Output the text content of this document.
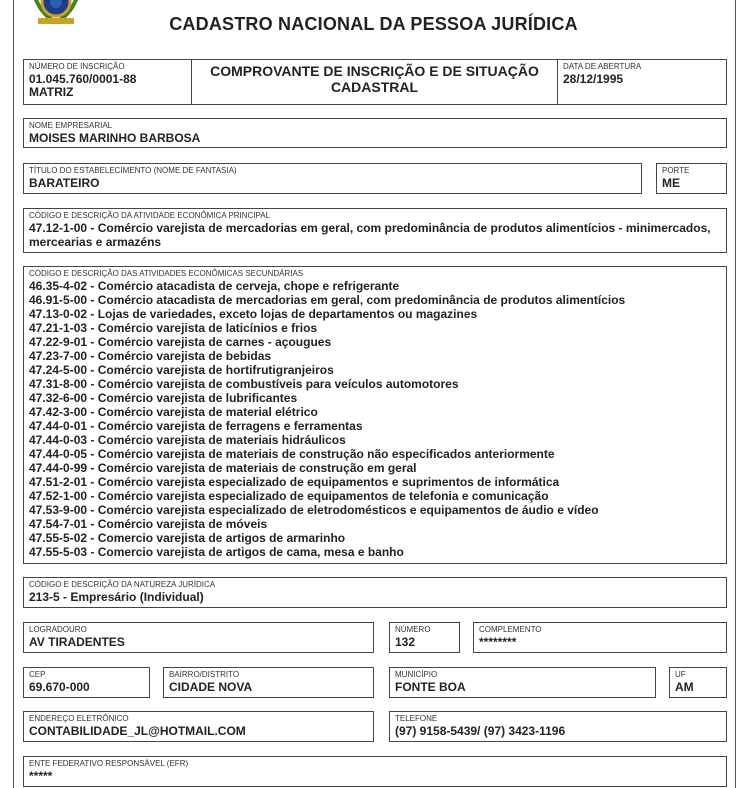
CADASTRO NACIONAL DA PESSOA JURÍDICA
NÚMERO DE INSCRIÇÃO
01.045.760/0001-88
MATRIZ
COMPROVANTE DE INSCRIÇÃO E DE SITUAÇÃO
CADASTRAL
DATA DE ABERTURA
28/12/1995
NOME EMPRESARIAL
MOISES MARINHO BARBOSA
TÍTULO DO ESTABELECIMENTO (NOME DE FANTASIA)
BARATEIRO
PORTE
ME
CÓDIGO E DESCRIÇÃO DA ATIVIDADE ECONÔMICA PRINCIPAL
47.12-1-00 - Comércio varejista de mercadorias em geral, com predominância de produtos alimentícios - minimercados, mercearias e armazéns
CÓDIGO E DESCRIÇÃO DAS ATIVIDADES ECONÔMICAS SECUNDÁRIAS
46.35-4-02 - Comércio atacadista de cerveja, chope e refrigerante
46.91-5-00 - Comércio atacadista de mercadorias em geral, com predominância de produtos alimentícios
47.13-0-02 - Lojas de variedades, exceto lojas de departamentos ou magazines
47.21-1-03 - Comércio varejista de laticínios e frios
47.22-9-01 - Comércio varejista de carnes - açougues
47.23-7-00 - Comércio varejista de bebidas
47.24-5-00 - Comércio varejista de hortifrutigranjeiros
47.31-8-00 - Comércio varejista de combustíveis para veículos automotores
47.32-6-00 - Comércio varejista de lubrificantes
47.42-3-00 - Comércio varejista de material elétrico
47.44-0-01 - Comércio varejista de ferragens e ferramentas
47.44-0-03 - Comércio varejista de materiais hidráulicos
47.44-0-05 - Comércio varejista de materiais de construção não especificados anteriormente
47.44-0-99 - Comércio varejista de materiais de construção em geral
47.51-2-01 - Comércio varejista especializado de equipamentos e suprimentos de informática
47.52-1-00 - Comércio varejista especializado de equipamentos de telefonia e comunicação
47.53-9-00 - Comércio varejista especializado de eletrodomésticos e equipamentos de áudio e vídeo
47.54-7-01 - Comércio varejista de móveis
47.55-5-02 - Comercio varejista de artigos de armarinho
47.55-5-03 - Comercio varejista de artigos de cama, mesa e banho
CÓDIGO E DESCRIÇÃO DA NATUREZA JURÍDICA
213-5 - Empresário (Individual)
LOGRADOURO
AV TIRADENTES
NÚMERO
132
COMPLEMENTO
********
CEP
69.670-000
BAIRRO/DISTRITO
CIDADE NOVA
MUNICÍPIO
FONTE BOA
UF
AM
ENDEREÇO ELETRÔNICO
CONTABILIDADE_JL@HOTMAIL.COM
TELEFONE
(97) 9158-5439/ (97) 3423-1196
ENTE FEDERATIVO RESPONSÁVEL (EFR)
*****
